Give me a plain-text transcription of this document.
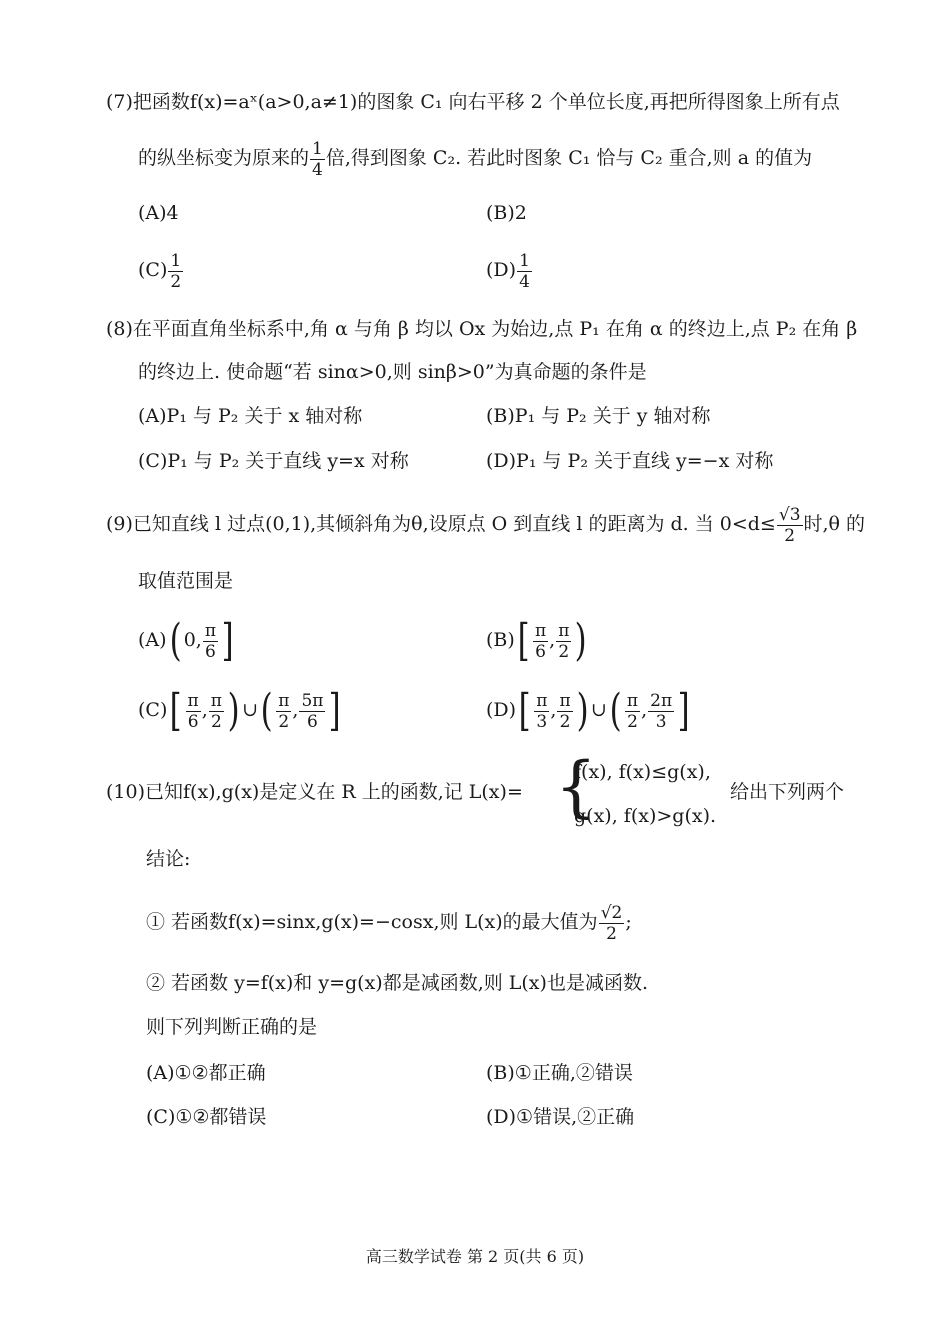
(7)把函数f(x)=aˣ(a>0,a≠1)的图象 C₁ 向右平移 2 个单位长度,再把所得图象上所有点
的纵坐标变为原来的 $\frac{1}{4}$ 倍,得到图象 C₂. 若此时图象 C₁ 恰与 C₂ 重合,则 a 的值为
(A)4	(B)2
$(C) \frac{1}{2}$	$(D) \frac{1}{4}$
(8)在平面直角坐标系中,角 α 与角 β 均以 Ox 为始边,点 P₁ 在角 α 的终边上,点 P₂ 在角 β
的终边上. 使命题“若 sinα>0,则 sinβ>0”为真命题的条件是
(A)P₁ 与 P₂ 关于 x 轴对称	(B)P₁ 与 P₂ 关于 y 轴对称
(C)P₁ 与 P₂ 关于直线 y=x 对称	(D)P₁ 与 P₂ 关于直线 y=−x 对称
(9)已知直线 l 过点(0,1),其倾斜角为θ,设原点 O 到直线 l 的距离为 d. 当 $0<d\le \frac{√3}{2}$ 时,θ 的
取值范围是
(A)( 0, $\frac{\pi}{6}$ ]	$(B)[ \frac{\pi}{6}$ , $\frac{\pi}{2}$ )
$(C)[ \frac{\pi}{6}$ , $\frac{\pi}{2}$ ) ∪( $\frac{\pi}{2}$ , $\frac{5\pi}{6}$ ]	$(D)[ \frac{\pi}{3}$ , $\frac{\pi}{2}$ ) ∪( $\frac{\pi}{2}$ , $\frac{2\pi}{3}$ ]
(10)已知f(x),g(x)是定义在 R 上的函数,记 L(x)= {
f(x), f(x)≤g(x),
g(x), f(x)>g(x).
给出下列两个
结论:
① 若函数f(x)=sinx,g(x)=−cosx,则 L(x)的最大值为 $\frac{√2}{2}$ ;
② 若函数 y=f(x)和 y=g(x)都是减函数,则 L(x)也是减函数.
则下列判断正确的是
(A)①②都正确	(B)①正确,②错误
(C)①②都错误	(D)①错误,②正确
高三数学试卷 第 2 页(共 6 页)
